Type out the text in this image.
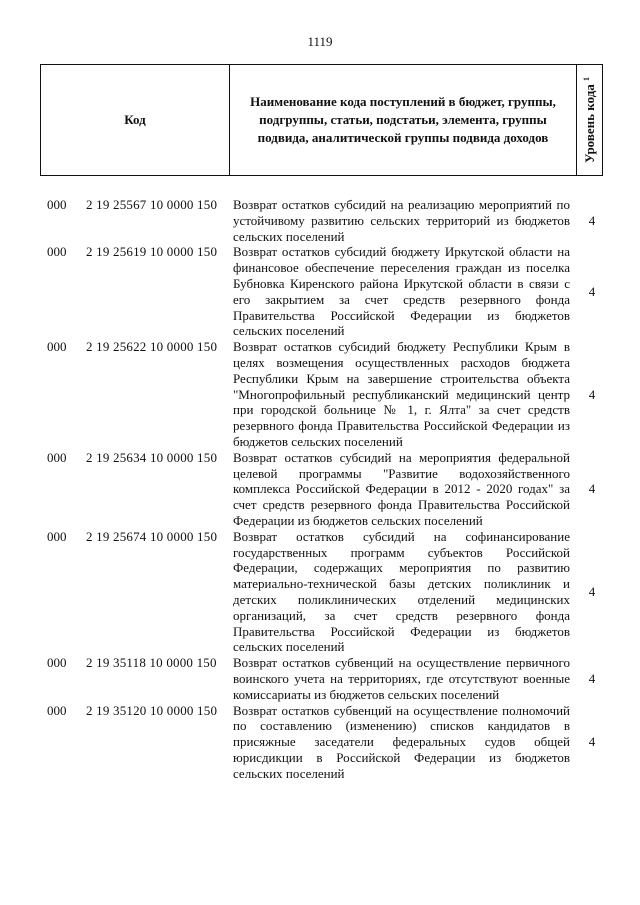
1119
Код
Наименование кода поступлений в бюджет, группы, подгруппы, статьи, подстатьи, элемента, группы подвида, аналитической группы подвида доходов	Уровень кода $^1$
000 2 19 25567 10 0000 150 Возврат остатков субсидий на реализацию мероприятий по устойчивому развитию сельских территорий из бюджетов сельских поселений
4
000 2 19 25619 10 0000 150 Возврат остатков субсидий бюджету Иркутской области на финансовое обеспечение переселения граждан из поселка Бубновка Киренского района Иркутской области в связи с его закрытием за счет средств резервного фонда Правительства Российской Федерации из бюджетов сельских поселений
4
000 2 19 25622 10 0000 150 Возврат остатков субсидий бюджету Республики Крым в целях возмещения осуществленных расходов бюджета Республики Крым на завершение строительства объекта "Многопрофильный республиканский медицинский центр при городской больнице № 1, г. Ялта" за счет средств резервного фонда Правительства Российской Федерации из бюджетов сельских поселений
4
000 2 19 25634 10 0000 150 Возврат остатков субсидий на мероприятия федеральной целевой программы "Развитие водохозяйственного комплекса Российской Федерации в 2012 - 2020 годах" за счет средств резервного фонда Правительства Российской Федерации из бюджетов сельских поселений
4
000 2 19 25674 10 0000 150 Возврат остатков субсидий на софинансирование государственных программ субъектов Российской Федерации, содержащих мероприятия по развитию материально-технической базы детских поликлиник и детских поликлинических отделений медицинских организаций, за счет средств резервного фонда Правительства Российской Федерации из бюджетов сельских поселений
4
000 2 19 35118 10 0000 150 Возврат остатков субвенций на осуществление первичного воинского учета на территориях, где отсутствуют военные комиссариаты из бюджетов сельских поселений
4
000 2 19 35120 10 0000 150 Возврат остатков субвенций на осуществление полномочий по составлению (изменению) списков кандидатов в присяжные заседатели федеральных судов общей юрисдикции в Российской Федерации из бюджетов сельских поселений
4
